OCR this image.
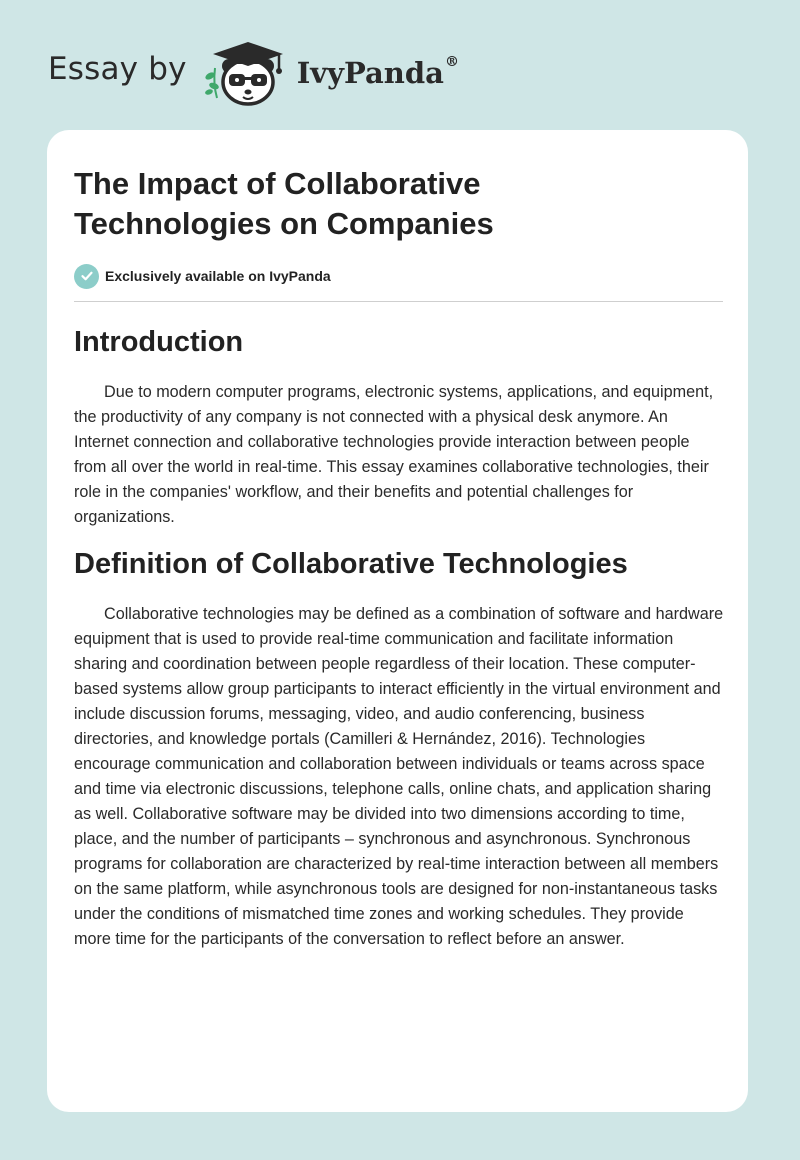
Essay by	IvyPanda®
The Impact of Collaborative
Technologies on Companies
Exclusively available on IvyPanda
Introduction

Due to modern computer programs, electronic systems, applications, and equipment, the productivity of any company is not connected with a physical desk anymore. An Internet connection and collaborative technologies provide interaction between people from all over the world in real-time. This essay examines collaborative technologies, their role in the companies' workflow, and their benefits and potential challenges for organizations.

Definition of Collaborative Technologies

Collaborative technologies may be defined as a combination of software and hardware equipment that is used to provide real-time communication and facilitate information sharing and coordination between people regardless of their location. These computer-based systems allow group participants to interact efficiently in the virtual environment and include discussion forums, messaging, video, and audio conferencing, business directories, and knowledge portals (Camilleri & Hernández, 2016). Technologies encourage communication and collaboration between individuals or teams across space and time via electronic discussions, telephone calls, online chats, and application sharing as well. Collaborative software may be divided into two dimensions according to time, place, and the number of participants – synchronous and asynchronous. Synchronous programs for collaboration are characterized by real-time interaction between all members on the same platform, while asynchronous tools are designed for non-instantaneous tasks under the conditions of mismatched time zones and working schedules. They provide more time for the participants of the conversation to reflect before an answer.
